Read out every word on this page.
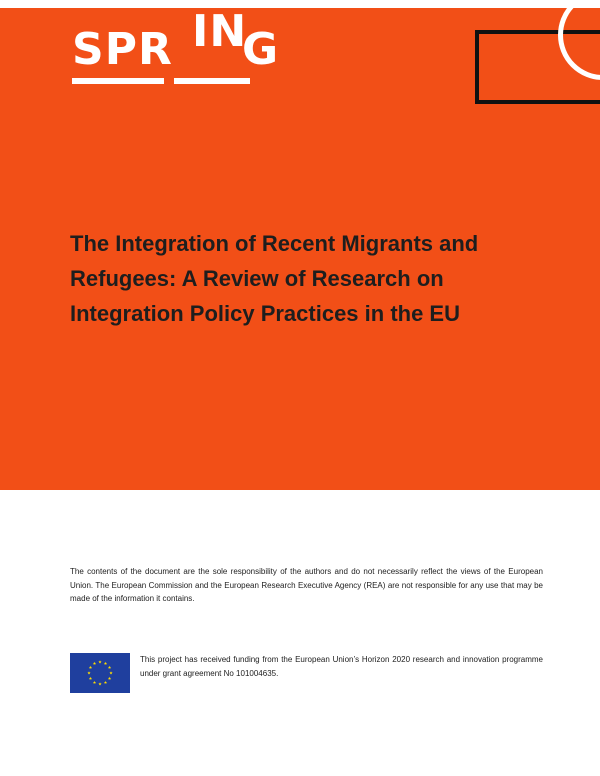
SPR IN
G
The Integration of Recent Migrants and Refugees: A Review of Research on Integration Policy Practices in the EU

The contents of the document are the sole responsibility of the authors and do not necessarily reflect the views of the European Union. The European Commission and the European Research Executive Agency (REA) are not responsible for any use that may be made of the information it contains.

This project has received funding from the European Union’s Horizon 2020 research and innovation programme under grant agreement No 101004635.
